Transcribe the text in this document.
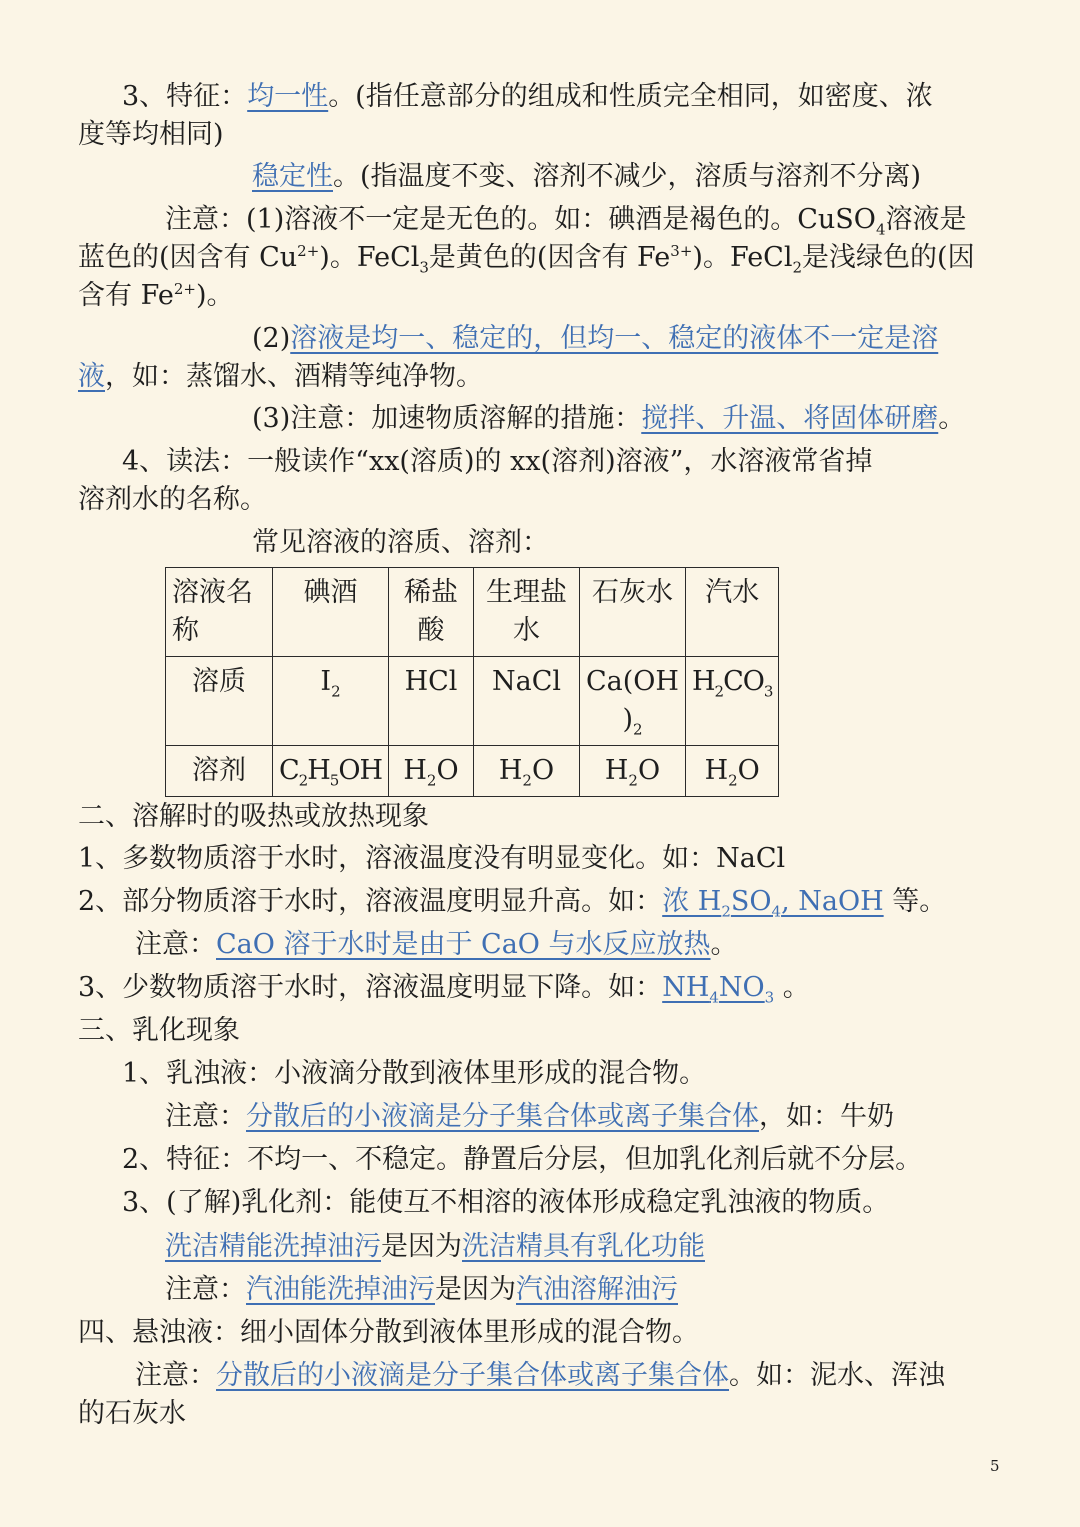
3、特征：均一性。(指任意部分的组成和性质完全相同，如密度、浓
度等均相同)
稳定性。(指温度不变、溶剂不减少，溶质与溶剂不分离)
注意：(1)溶液不一定是无色的。如：碘酒是褐色的。CuSO$_4$溶液是
蓝色的(因含有 $Cu^{2+}$)。FeCl$_3$是黄色的(因含有 $Fe^{3+}$)。FeCl$_2$是浅绿色的(因
含有 $Fe^{2+}$)。
(2)溶液是均一、稳定的，但均一、稳定的液体不一定是溶
液，如：蒸馏水、酒精等纯净物。
(3)注意：加速物质溶解的措施：搅拌、升温、将固体研磨。
4、读法：一般读作“xx(溶质)的 xx(溶剂)溶液”，水溶液常省掉
溶剂水的名称。
常见溶液的溶质、溶剂：
溶液名称	碘酒	稀盐酸	生理盐水	石灰水	汽水
溶质	$I_2$	HCl	NaCl	Ca(OH
)$_2$	$H_2CO_3$
溶剂	$C_2H_5OH$	$H_2O$	$H_2O$	$H_2O$	$H_2O$
二、溶解时的吸热或放热现象
1、多数物质溶于水时，溶液温度没有明显变化。如：NaCl
2、部分物质溶于水时，溶液温度明显升高。如：浓 $H_2SO_4$, NaOH 等。
注意：CaO 溶于水时是由于 CaO 与水反应放热。
3、少数物质溶于水时，溶液温度明显下降。如：$NH_4NO_3$ 。
三、乳化现象
1、乳浊液：小液滴分散到液体里形成的混合物。
注意：分散后的小液滴是分子集合体或离子集合体，如：牛奶
2、特征：不均一、不稳定。静置后分层，但加乳化剂后就不分层。
3、(了解)乳化剂：能使互不相溶的液体形成稳定乳浊液的物质。
洗洁精能洗掉油污是因为洗洁精具有乳化功能
注意：汽油能洗掉油污是因为汽油溶解油污
四、悬浊液：细小固体分散到液体里形成的混合物。
注意：分散后的小液滴是分子集合体或离子集合体。如：泥水、浑浊
的石灰水
5
